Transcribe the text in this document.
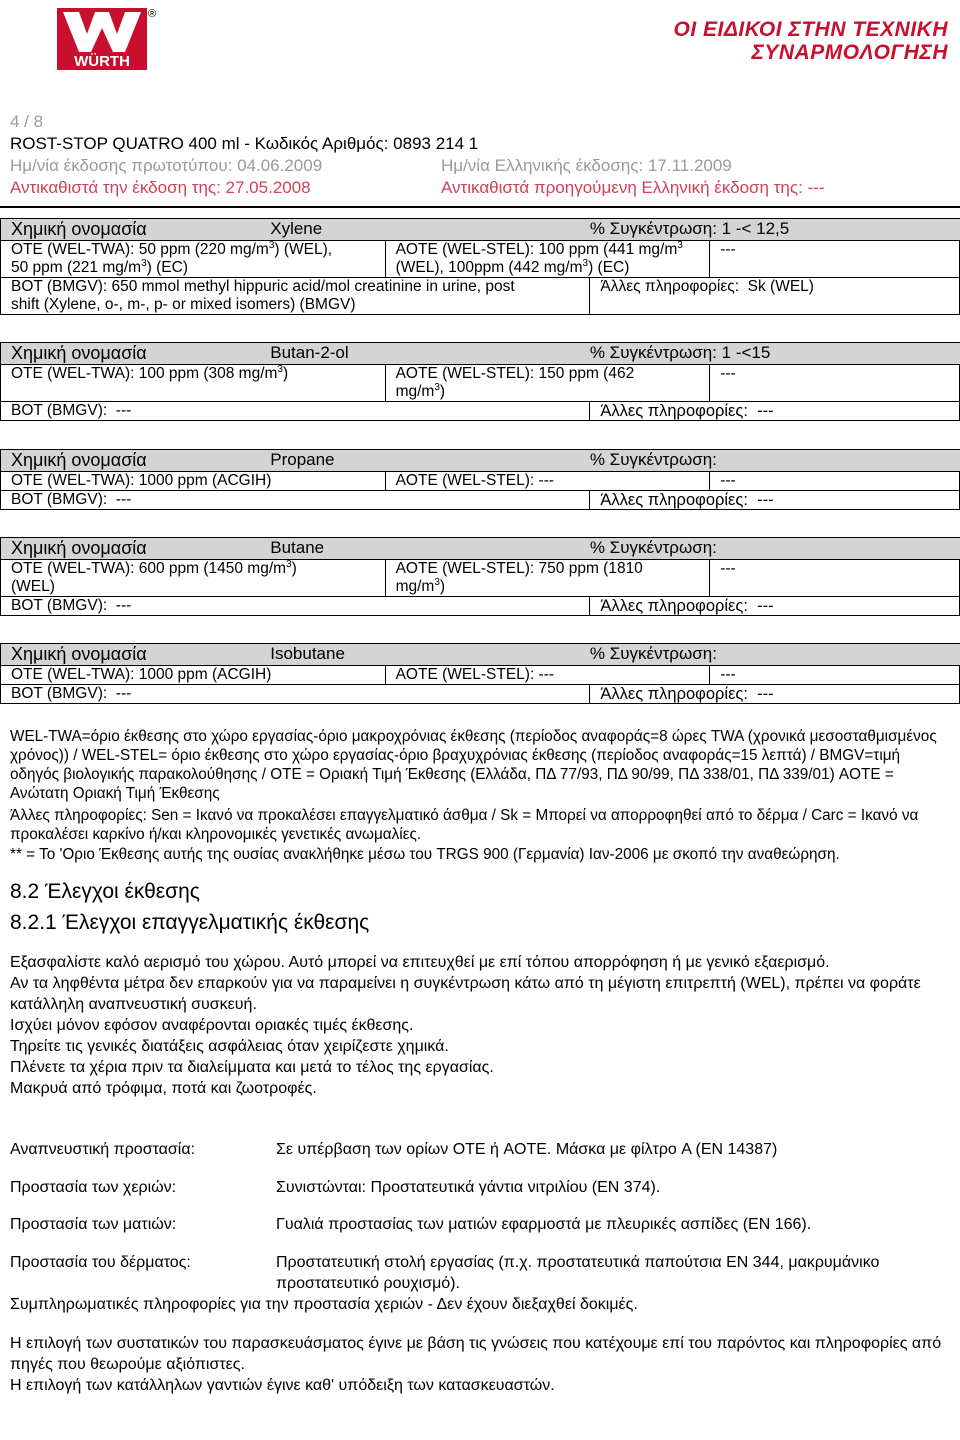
WÜRTH
®
ΟΙ ΕΙΔΙΚΟΙ ΣΤΗΝ ΤΕΧΝΙΚΗ
ΣΥΝΑΡΜΟΛΟΓΗΣΗ
4 / 8
ROST-STOP QUATRO 400 ml - Κωδικός Αριθμός: 0893 214 1
Ημ/νία έκδοσης πρωτοτύπου: 04.06.2009	Ημ/νία Ελληνικής έκδοσης: 17.11.2009
Αντικαθιστά την έκδοση της: 27.05.2008	Αντικαθιστά προηγούμενη Ελληνική έκδοση της: ---
Χημική ονομασία	Xylene		% Συγκέντρωση: 1 -< 12,5	
OTE (WEL-TWA): 50 ppm (220 $mg/m^3$) (WEL),
50 ppm (221 $mg/m^3$) (EC)		AOTE (WEL-STEL): 100 ppm (441 $mg/m^3$
(WEL), 100ppm (442 $mg/m^3$) (EC)		---
ΒΟΤ (BMGV): 650 mmol methyl hippuric acid/mol creatinine in urine, post
shift (Xylene, o-, m-, p- or mixed isomers) (BMGV)			Άλλες πληροφορίες: Sk (WEL)	
Χημική ονομασία	Butan-2-ol		% Συγκέντρωση: 1 -<15	
OTE (WEL-TWA): 100 ppm (308 $mg/m^3$)		AOTE (WEL-STEL): 150 ppm (462
$mg/m^3$)		---
ΒΟΤ (BMGV): ---			Άλλες πληροφορίες: ---	
Χημική ονομασία	Propane		% Συγκέντρωση:	
OTE (WEL-TWA): 1000 ppm (ACGIH)		AOTE (WEL-STEL): ---		---
ΒΟΤ (BMGV): ---			Άλλες πληροφορίες: ---	
Χημική ονομασία	Butane		% Συγκέντρωση:	
OTE (WEL-TWA): 600 ppm (1450 $mg/m^3$)
(WEL)		AOTE (WEL-STEL): 750 ppm (1810
$mg/m^3$)		---
ΒΟΤ (BMGV): ---			Άλλες πληροφορίες: ---	
Χημική ονομασία	Isobutane		% Συγκέντρωση:	
OTE (WEL-TWA): 1000 ppm (ACGIH)		AOTE (WEL-STEL): ---		---
ΒΟΤ (BMGV): ---			Άλλες πληροφορίες: ---	
WEL-TWA=όριο έκθεσης στο χώρο εργασίας-όριο μακροχρόνιας έκθεσης (περίοδος αναφοράς=8 ώρες TWA (χρονικά μεσοσταθμισμένος χρόνος)) / WEL-STEL= όριο έκθεσης στο χώρο εργασίας-όριο βραχυχρόνιας έκθεσης (περίοδος αναφοράς=15 λεπτά) / BMGV=τιμή οδηγός βιολογικής παρακολούθησης / OTE = Οριακή Τιμή Έκθεσης (Ελλάδα, ΠΔ 77/93, ΠΔ 90/99, ΠΔ 338/01, ΠΔ 339/01) AOTE = Ανώτατη Οριακή Τιμή Έκθεσης
Άλλες πληροφορίες: Sen = Ικανό να προκαλέσει επαγγελματικό άσθμα / Sk = Μπορεί να απορροφηθεί από το δέρμα / Carc = Ικανό να προκαλέσει καρκίνο ή/και κληρονομικές γενετικές ανωμαλίες.
** = Το 'Οριο Έκθεσης αυτής της ουσίας ανακλήθηκε μέσω του TRGS 900 (Γερμανία) Ιαν-2006 με σκοπό την αναθεώρηση.
8.2 Έλεγχοι έκθεσης
8.2.1 Έλεγχοι επαγγελματικής έκθεσης
Εξασφαλίστε καλό αερισμό του χώρου. Αυτό μπορεί να επιτευχθεί με επί τόπου απορρόφηση ή με γενικό εξαερισμό.
Αν τα ληφθέντα μέτρα δεν επαρκούν για να παραμείνει η συγκέντρωση κάτω από τη μέγιστη επιτρεπτή (WEL), πρέπει να φοράτε κατάλληλη αναπνευστική συσκευή.
Ισχύει μόνον εφόσον αναφέρονται οριακές τιμές έκθεσης.
Τηρείτε τις γενικές διατάξεις ασφάλειας όταν χειρίζεστε χημικά.
Πλένετε τα χέρια πριν τα διαλείμματα και μετά το τέλος της εργασίας.
Μακρυά από τρόφιμα, ποτά και ζωοτροφές.
Αναπνευστική προστασία:	Σε υπέρβαση των ορίων OTE ή AOTE. Μάσκα με φίλτρο A (EN 14387)
Προστασία των χεριών:	Συνιστώνται: Προστατευτικά γάντια νιτριλίου (EN 374).
Προστασία των ματιών:	Γυαλιά προστασίας των ματιών εφαρμοστά με πλευρικές ασπίδες (EN 166).
Προστασία του δέρματος:	Προστατευτική στολή εργασίας (π.χ. προστατευτικά παπούτσια EN 344, μακρυμάνικο προστατευτικό ρουχισμό).
Συμπληρωματικές πληροφορίες για την προστασία χεριών - Δεν έχουν διεξαχθεί δοκιμές.
Η επιλογή των συστατικών του παρασκευάσματος έγινε με βάση τις γνώσεις που κατέχουμε επί του παρόντος και πληροφορίες από πηγές που θεωρούμε αξιόπιστες.
Η επιλογή των κατάλληλων γαντιών έγινε καθ' υπόδειξη των κατασκευαστών.
